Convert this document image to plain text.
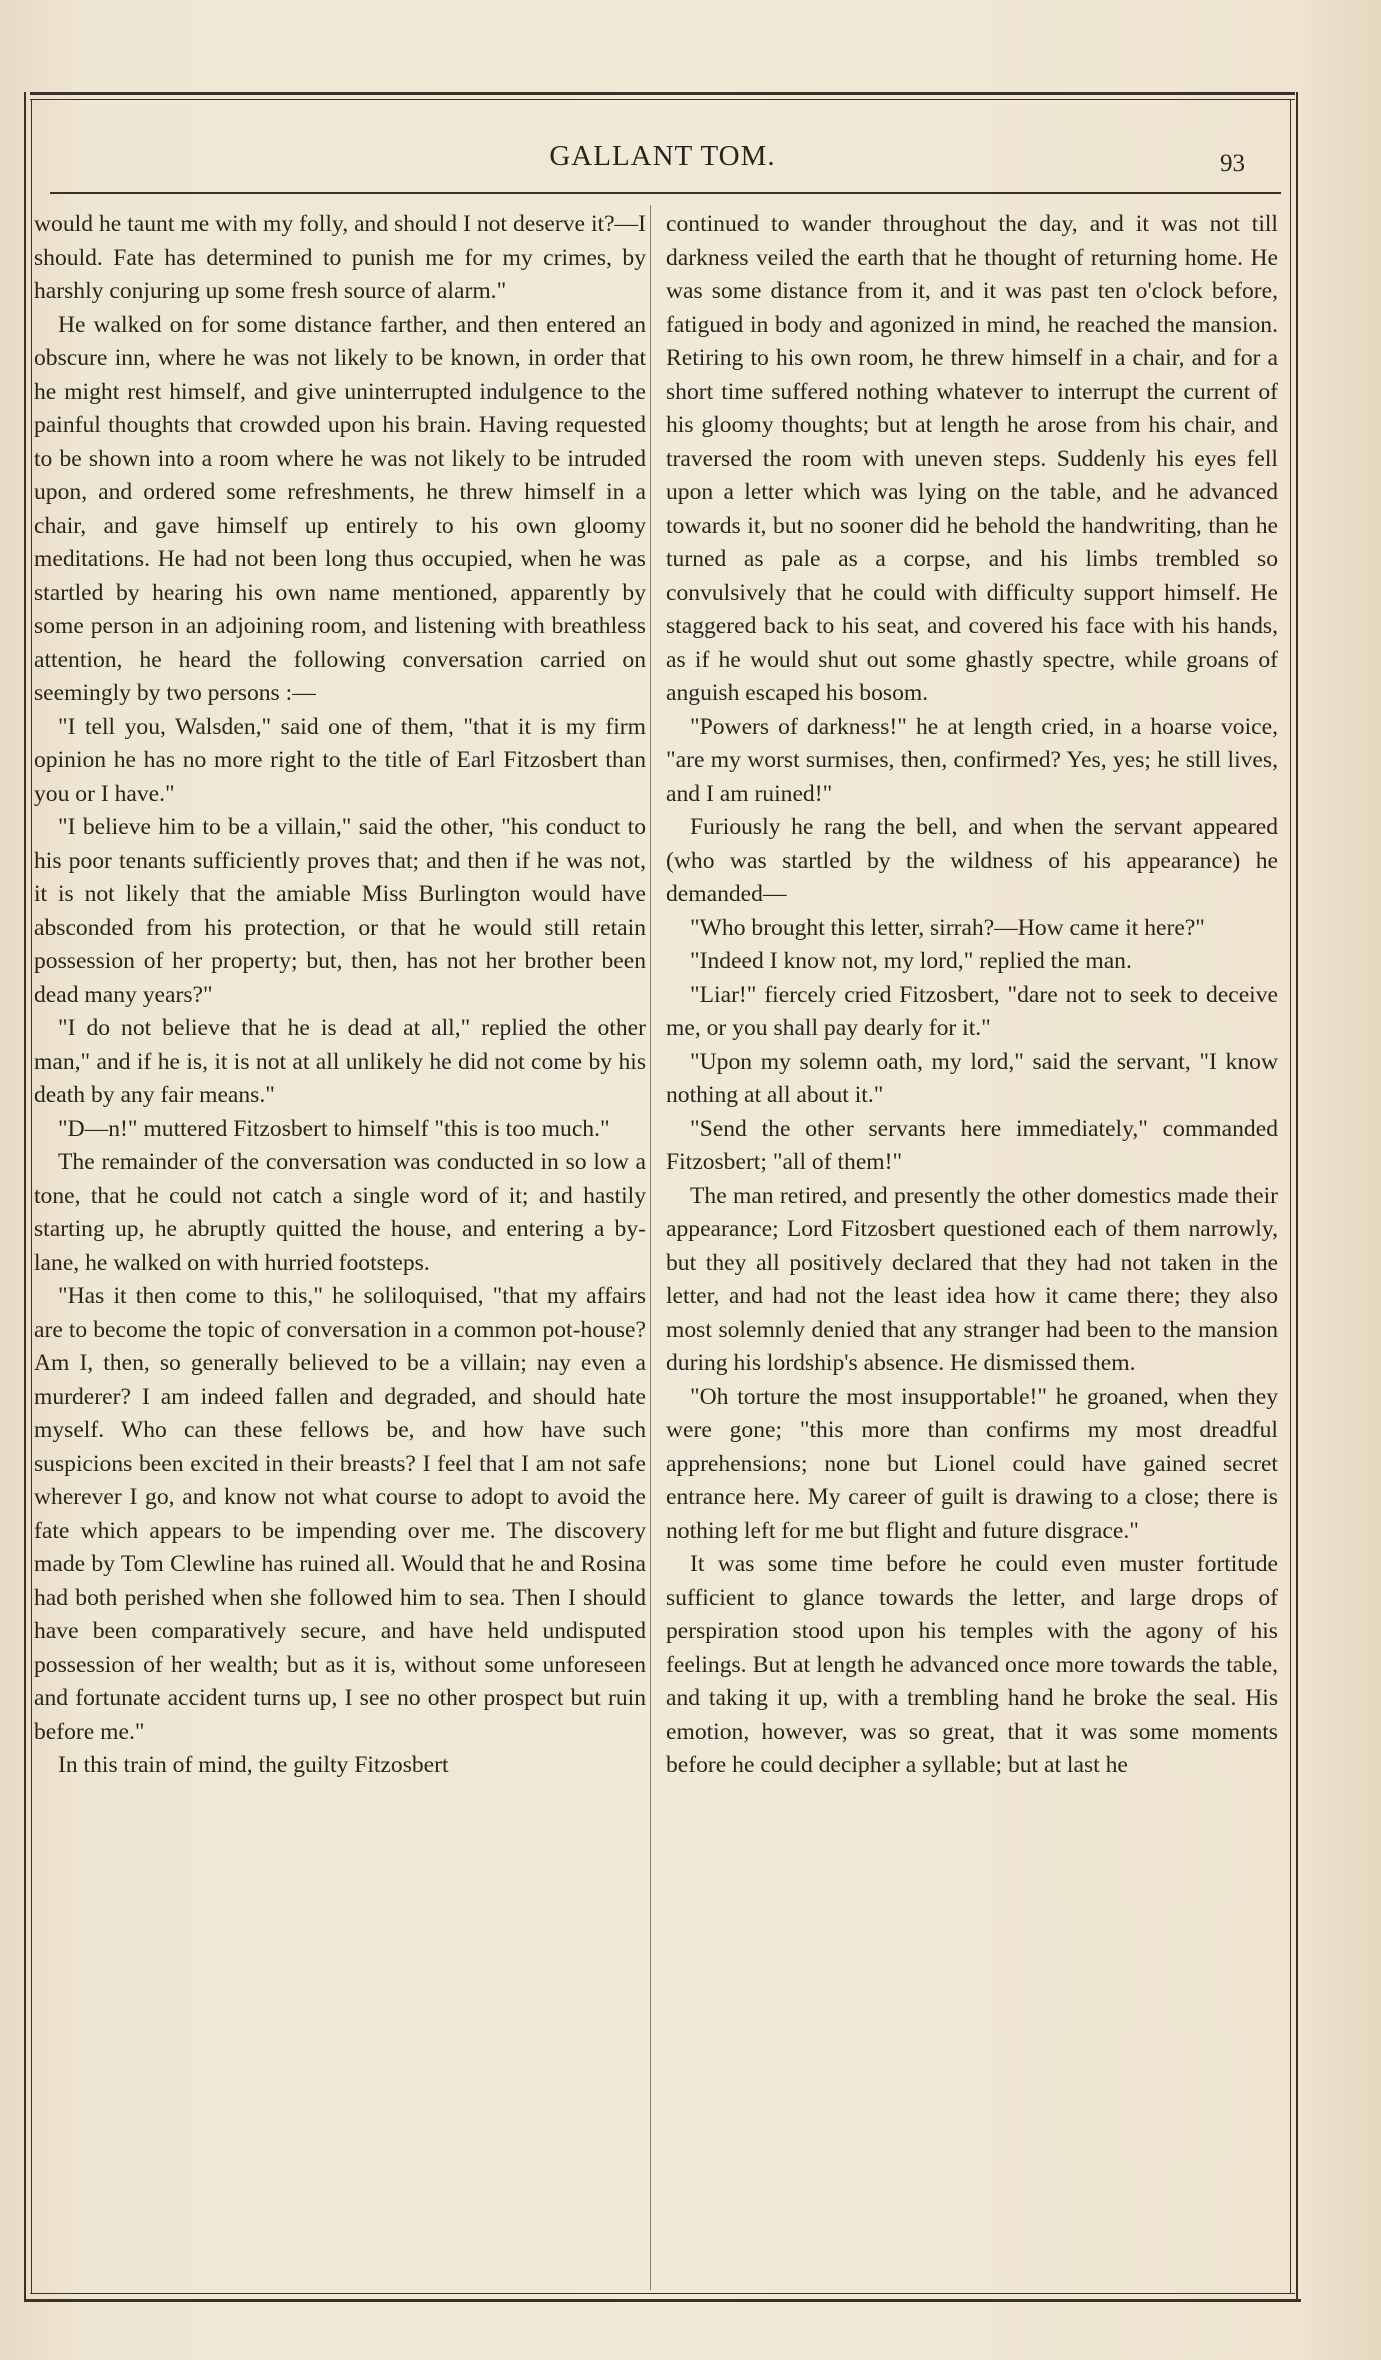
GALLANT TOM.	93

would he taunt me with my folly, and should I not deserve it?—I should. Fate has determined to punish me for my crimes, by harshly conjuring up some fresh source of alarm."

He walked on for some distance farther, and then entered an obscure inn, where he was not likely to be known, in order that he might rest himself, and give uninterrupted indulgence to the painful thoughts that crowded upon his brain. Having requested to be shown into a room where he was not likely to be intruded upon, and ordered some refreshments, he threw himself in a chair, and gave himself up entirely to his own gloomy meditations. He had not been long thus occupied, when he was startled by hearing his own name mentioned, apparently by some person in an adjoining room, and listening with breathless attention, he heard the following conversation carried on seemingly by two persons :—

"I tell you, Walsden," said one of them, "that it is my firm opinion he has no more right to the title of Earl Fitzosbert than you or I have."

"I believe him to be a villain," said the other, "his conduct to his poor tenants sufficiently proves that; and then if he was not, it is not likely that the amiable Miss Burlington would have absconded from his protection, or that he would still retain possession of her property; but, then, has not her brother been dead many years?"

"I do not believe that he is dead at all," replied the other man," and if he is, it is not at all unlikely he did not come by his death by any fair means."

"D—n!" muttered Fitzosbert to himself "this is too much."

The remainder of the conversation was conducted in so low a tone, that he could not catch a single word of it; and hastily starting up, he abruptly quitted the house, and entering a by-lane, he walked on with hurried footsteps.

"Has it then come to this," he soliloquised, "that my affairs are to become the topic of conversation in a common pot-house? Am I, then, so generally believed to be a villain; nay even a murderer? I am indeed fallen and degraded, and should hate myself. Who can these fellows be, and how have such suspicions been excited in their breasts? I feel that I am not safe wherever I go, and know not what course to adopt to avoid the fate which appears to be impending over me. The discovery made by Tom Clewline has ruined all. Would that he and Rosina had both perished when she followed him to sea. Then I should have been comparatively secure, and have held undisputed possession of her wealth; but as it is, without some unforeseen and fortunate accident turns up, I see no other prospect but ruin before me."

In this train of mind, the guilty Fitzosbert

continued to wander throughout the day, and it was not till darkness veiled the earth that he thought of returning home. He was some distance from it, and it was past ten o'clock before, fatigued in body and agonized in mind, he reached the mansion. Retiring to his own room, he threw himself in a chair, and for a short time suffered nothing whatever to interrupt the current of his gloomy thoughts; but at length he arose from his chair, and traversed the room with uneven steps. Suddenly his eyes fell upon a letter which was lying on the table, and he advanced towards it, but no sooner did he behold the handwriting, than he turned as pale as a corpse, and his limbs trembled so convulsively that he could with difficulty support himself. He staggered back to his seat, and covered his face with his hands, as if he would shut out some ghastly spectre, while groans of anguish escaped his bosom.

"Powers of darkness!" he at length cried, in a hoarse voice, "are my worst surmises, then, confirmed? Yes, yes; he still lives, and I am ruined!"

Furiously he rang the bell, and when the servant appeared (who was startled by the wildness of his appearance) he demanded—

"Who brought this letter, sirrah?—How came it here?"

"Indeed I know not, my lord," replied the man.

"Liar!" fiercely cried Fitzosbert, "dare not to seek to deceive me, or you shall pay dearly for it."

"Upon my solemn oath, my lord," said the servant, "I know nothing at all about it."

"Send the other servants here immediately," commanded Fitzosbert; "all of them!"

The man retired, and presently the other domestics made their appearance; Lord Fitzosbert questioned each of them narrowly, but they all positively declared that they had not taken in the letter, and had not the least idea how it came there; they also most solemnly denied that any stranger had been to the mansion during his lordship's absence. He dismissed them.

"Oh torture the most insupportable!" he groaned, when they were gone; "this more than confirms my most dreadful apprehensions; none but Lionel could have gained secret entrance here. My career of guilt is drawing to a close; there is nothing left for me but flight and future disgrace."

It was some time before he could even muster fortitude sufficient to glance towards the letter, and large drops of perspiration stood upon his temples with the agony of his feelings. But at length he advanced once more towards the table, and taking it up, with a trembling hand he broke the seal. His emotion, however, was so great, that it was some moments before he could decipher a syllable; but at last he
